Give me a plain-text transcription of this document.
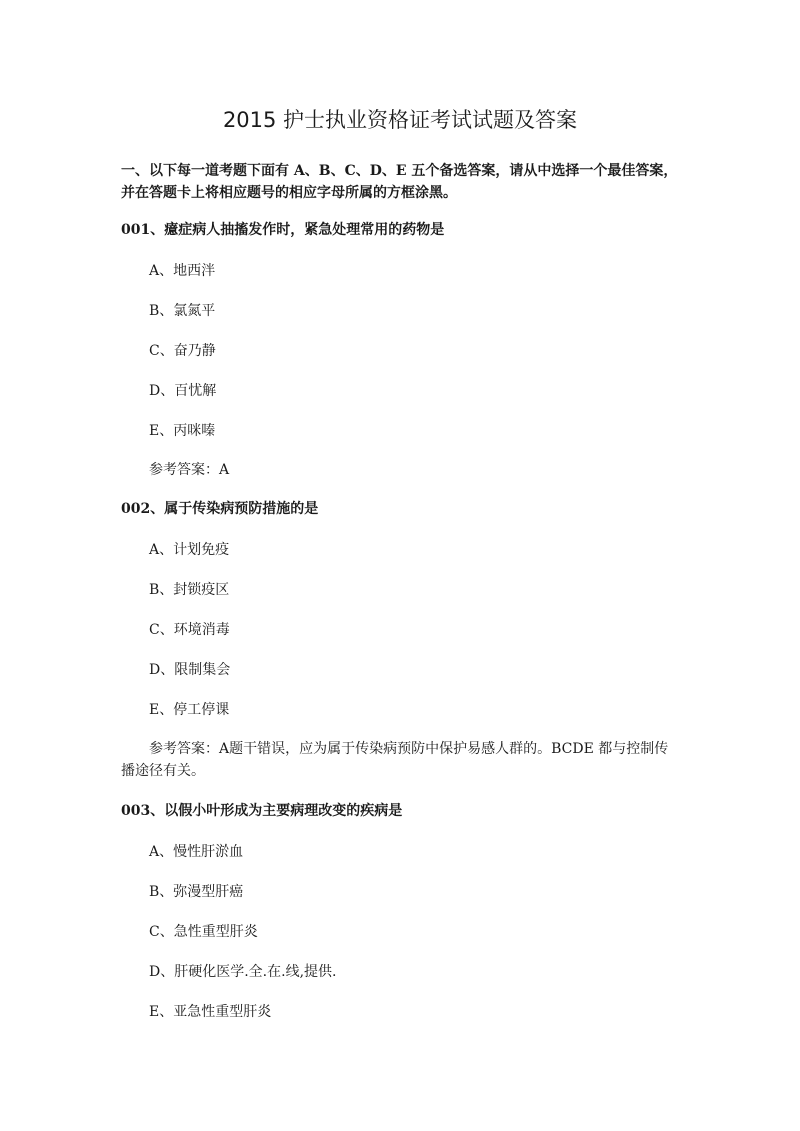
2015 护士执业资格证考试试题及答案

一、以下每一道考题下面有 A、B、C、D、E 五个备选答案，请从中选择一个最佳答案，并在答题卡上将相应题号的相应字母所属的方框涂黑。

001、癔症病人抽搐发作时，紧急处理常用的药物是

A、地西泮

B、氯氮平

C、奋乃静

D、百忧解

E、丙咪嗪

参考答案：A

002、属于传染病预防措施的是

A、计划免疫

B、封锁疫区

C、环境消毒

D、限制集会

E、停工停课

参考答案：A题干错误，应为属于传染病预防中保护易感人群的。BCDE 都与控制传播途径有关。

003、以假小叶形成为主要病理改变的疾病是

A、慢性肝淤血

B、弥漫型肝癌

C、急性重型肝炎

D、肝硬化医学.全.在.线,提供.

E、亚急性重型肝炎
